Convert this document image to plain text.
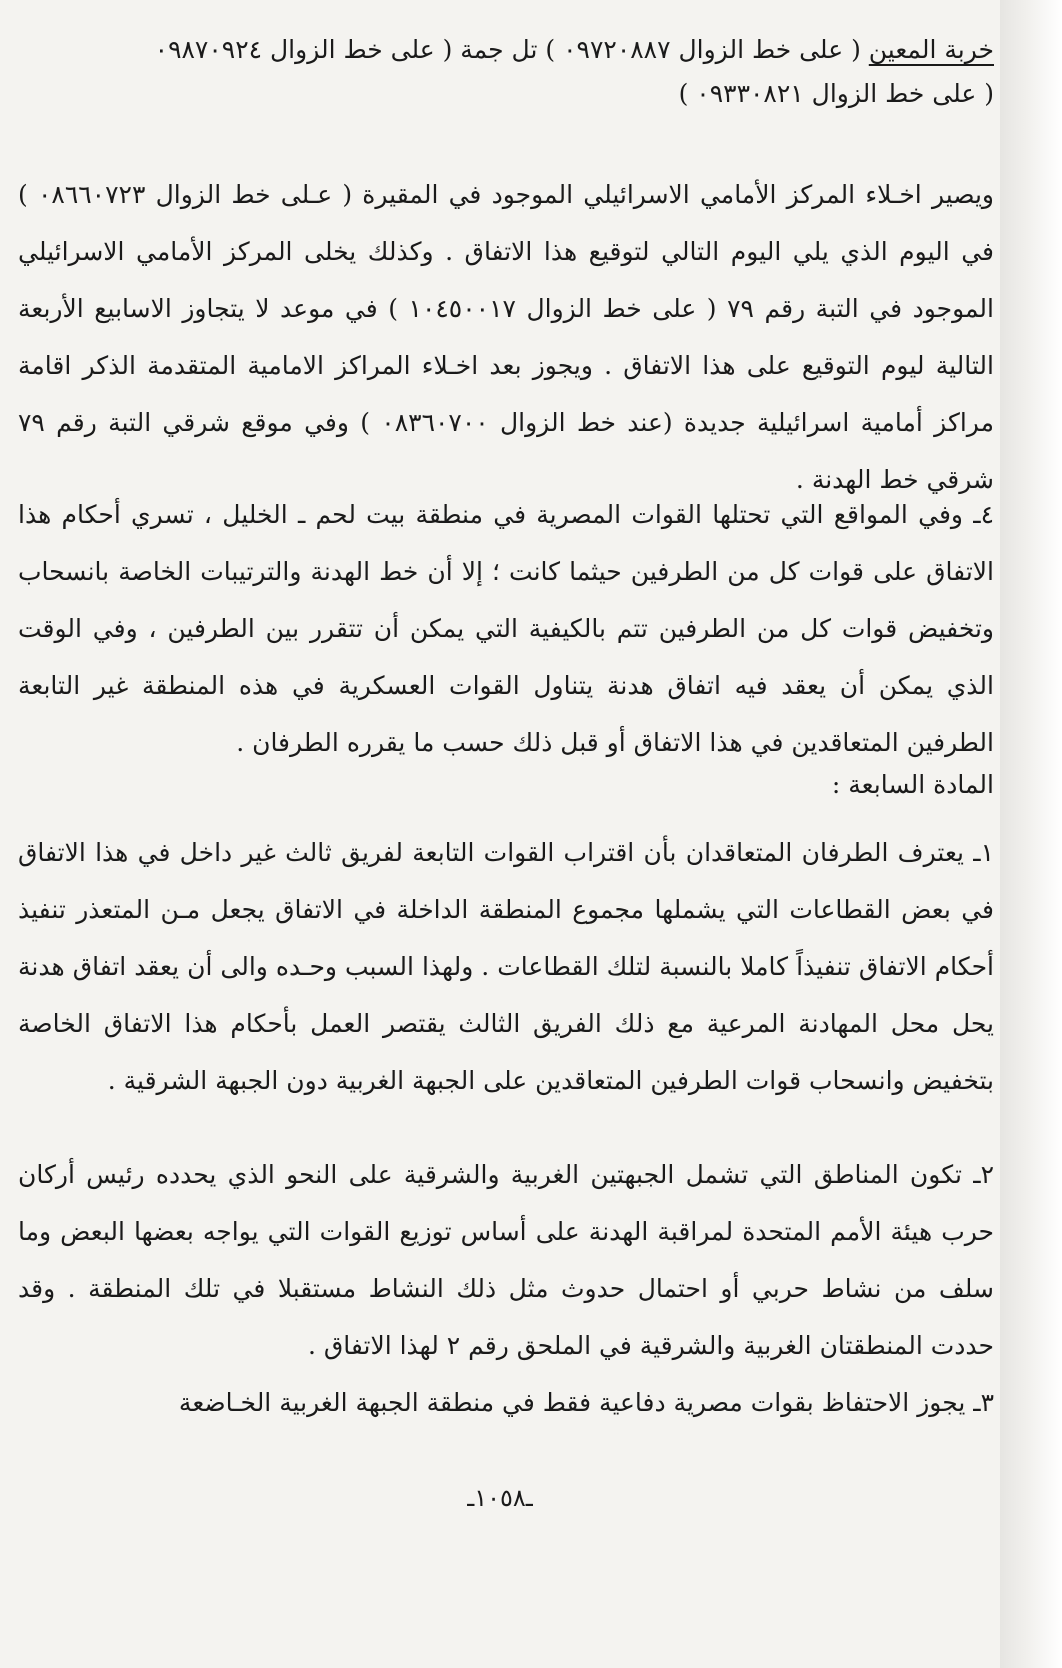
خربة المعين ( على خط الزوال ٠٩٧٢٠٨٨٧ ) تل جمة ( على خط الزوال ٠٩٨٧٠٩٢٤
( على خط الزوال ٠٩٣٣٠٨٢١ )

ويصير اخـلاء المركز الأمامي الاسرائيلي الموجود في المقيرة ( عـلى خط الزوال ٠٨٦٦٠٧٢٣ ) في اليوم الذي يلي اليوم التالي لتوقيع هذا الاتفاق . وكذلك يخلى المركز الأمامي الاسرائيلي الموجود في التبة رقم ٧٩ ( على خط الزوال ١٠٤٥٠٠١٧ ) في موعد لا يتجاوز الاسابيع الأربعة التالية ليوم التوقيع على هذا الاتفاق . ويجوز بعد اخـلاء المراكز الامامية المتقدمة الذكر اقامة مراكز أمامية اسرائيلية جديدة (عند خط الزوال ٠٨٣٦٠٧٠٠ ) وفي موقع شرقي التبة رقم ٧٩ شرقي خط الهدنة .

٤ـ وفي المواقع التي تحتلها القوات المصرية في منطقة بيت لحم ـ الخليل ، تسري أحكام هذا الاتفاق على قوات كل من الطرفين حيثما كانت ؛ إلا أن خط الهدنة والترتيبات الخاصة بانسحاب وتخفيض قوات كل من الطرفين تتم بالكيفية التي يمكن أن تتقرر بين الطرفين ، وفي الوقت الذي يمكن أن يعقد فيه اتفاق هدنة يتناول القوات العسكرية في هذه المنطقة غير التابعة الطرفين المتعاقدين في هذا الاتفاق أو قبل ذلك حسب ما يقرره الطرفان .

المادة السابعة :

١ـ يعترف الطرفان المتعاقدان بأن اقتراب القوات التابعة لفريق ثالث غير داخل في هذا الاتفاق في بعض القطاعات التي يشملها مجموع المنطقة الداخلة في الاتفاق يجعل مـن المتعذر تنفيذ أحكام الاتفاق تنفيذاً كاملا بالنسبة لتلك القطاعات . ولهذا السبب وحـده والى أن يعقد اتفاق هدنة يحل محل المهادنة المرعية مع ذلك الفريق الثالث يقتصر العمل بأحكام هذا الاتفاق الخاصة بتخفيض وانسحاب قوات الطرفين المتعاقدين على الجبهة الغربية دون الجبهة الشرقية .

٢ـ تكون المناطق التي تشمل الجبهتين الغربية والشرقية على النحو الذي يحدده رئيس أركان حرب هيئة الأمم المتحدة لمراقبة الهدنة على أساس توزيع القوات التي يواجه بعضها البعض وما سلف من نشاط حربي أو احتمال حدوث مثل ذلك النشاط مستقبلا في تلك المنطقة . وقد حددت المنطقتان الغربية والشرقية في الملحق رقم ٢ لهذا الاتفاق .

٣ـ يجوز الاحتفاظ بقوات مصرية دفاعية فقط في منطقة الجبهة الغربية الخـاضعة

ـ١٠٥٨ـ
